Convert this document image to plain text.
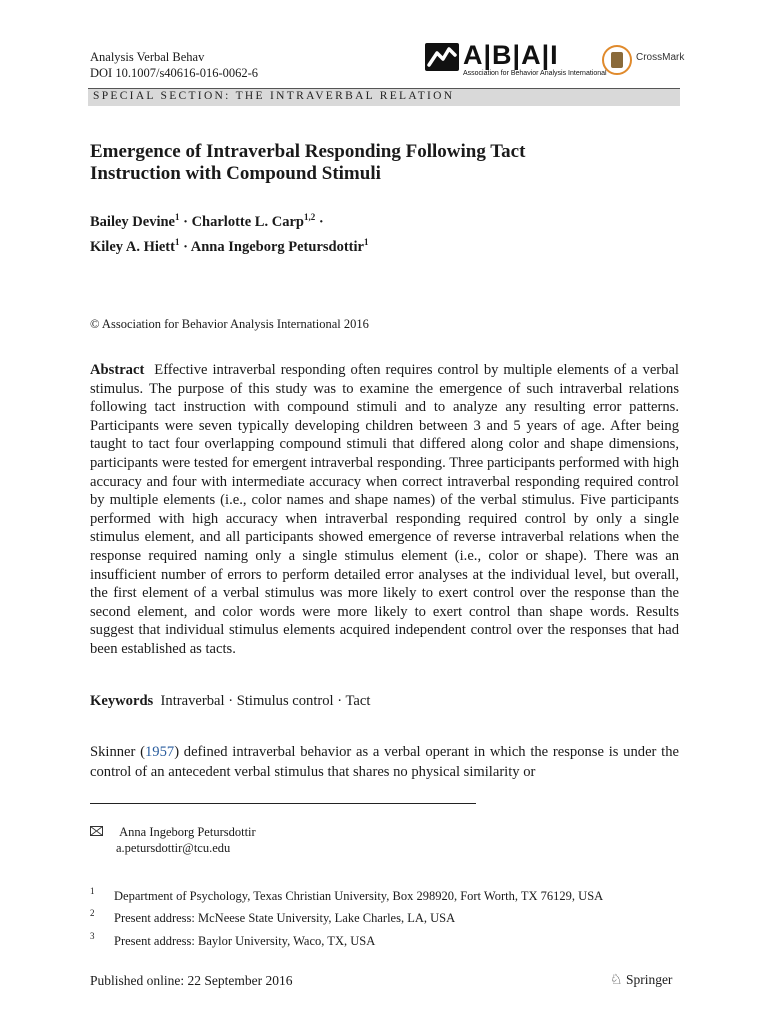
Analysis Verbal Behav
DOI 10.1007/s40616-016-0062-6
A|B|A|I
Association for Behavior Analysis International
CrossMark
SPECIAL SECTION: THE INTRAVERBAL RELATION
Emergence of Intraverbal Responding Following Tact
Instruction with Compound Stimuli
Bailey Devine$^1$ · Charlotte L. Carp$^{1,2}$ ·
Kiley A. Hiett$^1$ · Anna Ingeborg Petursdottir$^1$
© Association for Behavior Analysis International 2016
Abstract Effective intraverbal responding often requires control by multiple elements of a verbal stimulus. The purpose of this study was to examine the emergence of such intraverbal relations following tact instruction with compound stimuli and to analyze any resulting error patterns. Participants were seven typically developing children between 3 and 5 years of age. After being taught to tact four overlapping compound stimuli that differed along color and shape dimensions, participants were tested for emergent intraverbal responding. Three participants performed with high accuracy and four with intermediate accuracy when correct intraverbal responding required control by multiple elements (i.e., color names and shape names) of the verbal stimulus. Five participants performed with high accuracy when intraverbal responding required control by only a single stimulus element, and all participants showed emergence of reverse intraverbal relations when the response required naming only a single stimulus element (i.e., color or shape). There was an insufficient number of errors to perform detailed error analyses at the individual level, but overall, the first element of a verbal stimulus was more likely to exert control over the response than the second element, and color words were more likely to exert control than shape words. Results suggest that individual stimulus elements acquired independent control over the responses that had been established as tacts.
Keywords Intraverbal · Stimulus control · Tact
Skinner (1957) defined intraverbal behavior as a verbal operant in which the response is under the control of an antecedent verbal stimulus that shares no physical similarity or
Anna Ingeborg Petursdottir
a.petursdottir@tcu.edu
1 Department of Psychology, Texas Christian University, Box 298920, Fort Worth, TX 76129, USA
2 Present address: McNeese State University, Lake Charles, LA, USA
3 Present address: Baylor University, Waco, TX, USA
Published online: 22 September 2016	♘ Springer
